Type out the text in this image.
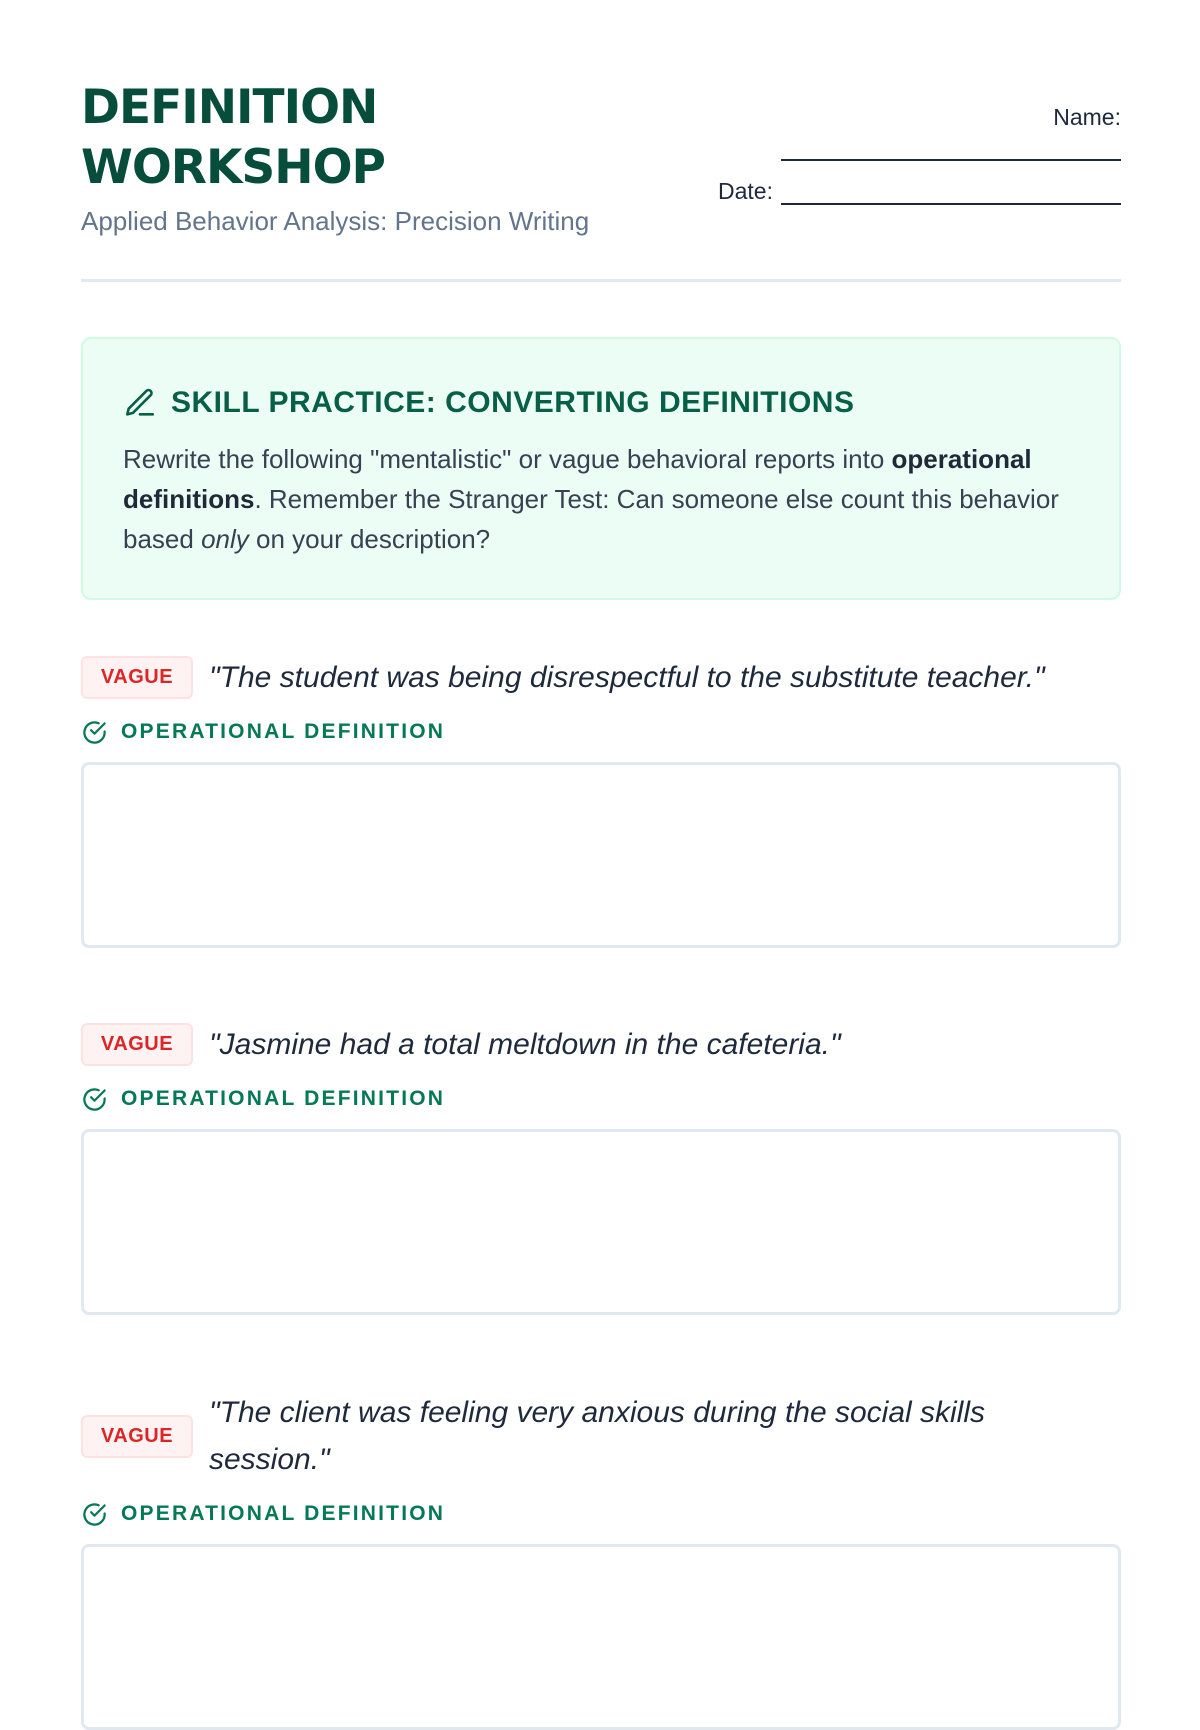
DEFINITION WORKSHOP
Applied Behavior Analysis: Precision Writing
Name:
Date:
SKILL PRACTICE: CONVERTING DEFINITIONS
Rewrite the following "mentalistic" or vague behavioral reports into operational definitions. Remember the Stranger Test: Can someone else count this behavior based only on your description?
VAGUE	"The student was being disrespectful to the substitute teacher."
OPERATIONAL DEFINITION
VAGUE	"Jasmine had a total meltdown in the cafeteria."
OPERATIONAL DEFINITION
VAGUE
"The client was feeling very anxious during the social skills session."
OPERATIONAL DEFINITION
